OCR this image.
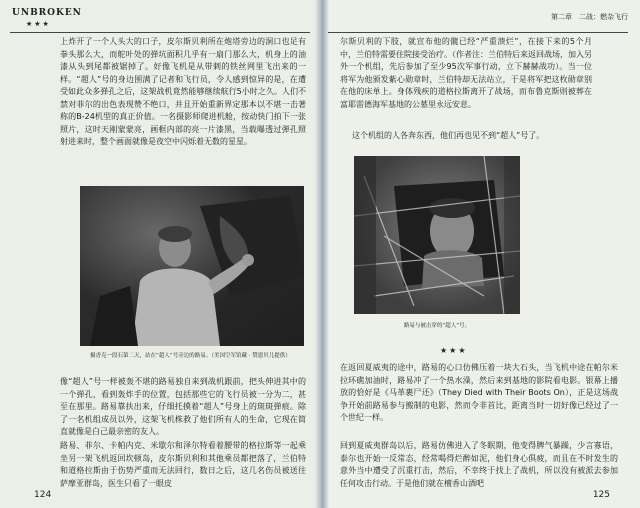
UNBROKEN
★★★

上炸开了一个人头大的口子，皮尔斯贝利所在炮塔旁边的洞口也足有拳头那么大，而舵叶处的弹坑面积几乎有一扇门那么大，机身上的油漆从头到尾都被锯掉了。好像飞机是从带刺的铁丝网里飞出来的一样。“超人”号的身边围满了记者和飞行员，令人感到惊异的是，在遭受如此众多弹孔之后，这架战机竟然能够继续航行5小时之久。人们不禁对菲尔的出色表现赞不绝口，并且开始重新界定那本以不堪一击著称的B-24机型的真正价值。一名摄影师爬进机舱，按动快门拍下一张照片，这时天刚蒙蒙亮，画框内部的亮一片漆黑，当载曝透过弹孔照射进来时，整个画面就像是夜空中闪烁着无数的星星。

摄香克一段石第二天，站在“超人”号旁边的路易。（美国空军馆藏 · 赞恩贝儿提供）

像“超人”号一样被轰不堪的路易独自来到战机跟前，把头伸进其中的一个弹孔，看到轰炸手的位置，包括那些它的飞行员被一分为二，甚至在那里。路易靠扶出来，仔细托摸着“超人”号身上的斑斑弹痕。除了一名机组成员以外，这架飞机株救了他们所有人的生命，它现在简直就像是白己最亲密的友人。

路易、菲尔、卡帕内克、米歇尔和泽尔特看着腰带的格拉斯等一起乘坐另一架飞机返回坎顿岛，皮尔斯贝利和其他乘员都把落了，兰伯特和道格拉斯由于伤势严重而无法回行，数日之后，这几名伤员被送往萨摩亚群岛，医生只看了一眼皮

124
第二章　二战：燃杂飞行

尔斯贝利的下肢，就宣布他的髋已经“严重溃烂”，在接下来的5个月中，兰伯特需要住院接受治疗。（作者注：兰伯特后来返回战场，加入另外一个机组，先后参加了至少95次军事行动，立下赫赫战功）。当一位将军为他颁发紫心勋章时，兰伯特却无法站立，于是将军把这枚勋章别在他的床单上。身体残疾的道格拉斯离开了战场，而布鲁克斯则被葬在富耶雷德海军基地的公墓里永远安息。

这个机组的人各奔东西，他们再也见不到“超人”号了。

路易与被击穿的“超人”号。
★★★

在返回夏威夷的途中，路易的心口仿佛压着一块大石头，当飞机中途在帕尔米拉环礁加油时，路易冲了一个热水澡，然后来到基地的影院看电影。银幕上播放的恰好是《马革裹尸还》（They Died with Their Boots On），正是这场战争开始前路易参与搬制的电影，然而令非首比，距离当时一切好像已经过了一个世纪一样。

回到夏威夷群岛以后，路易仿佛进入了冬眠期，他变得脾气暴躁，少言寡语，泰尔也开始一反常态，经常喝得烂醉如泥，他们身心俱疲，而且在不时发生的意外当中遭受了沉重打击，然后，不幸终于找上了战机，所以没有被派去参加任何攻击行动。于是他们就在檀香山酒吧

125
